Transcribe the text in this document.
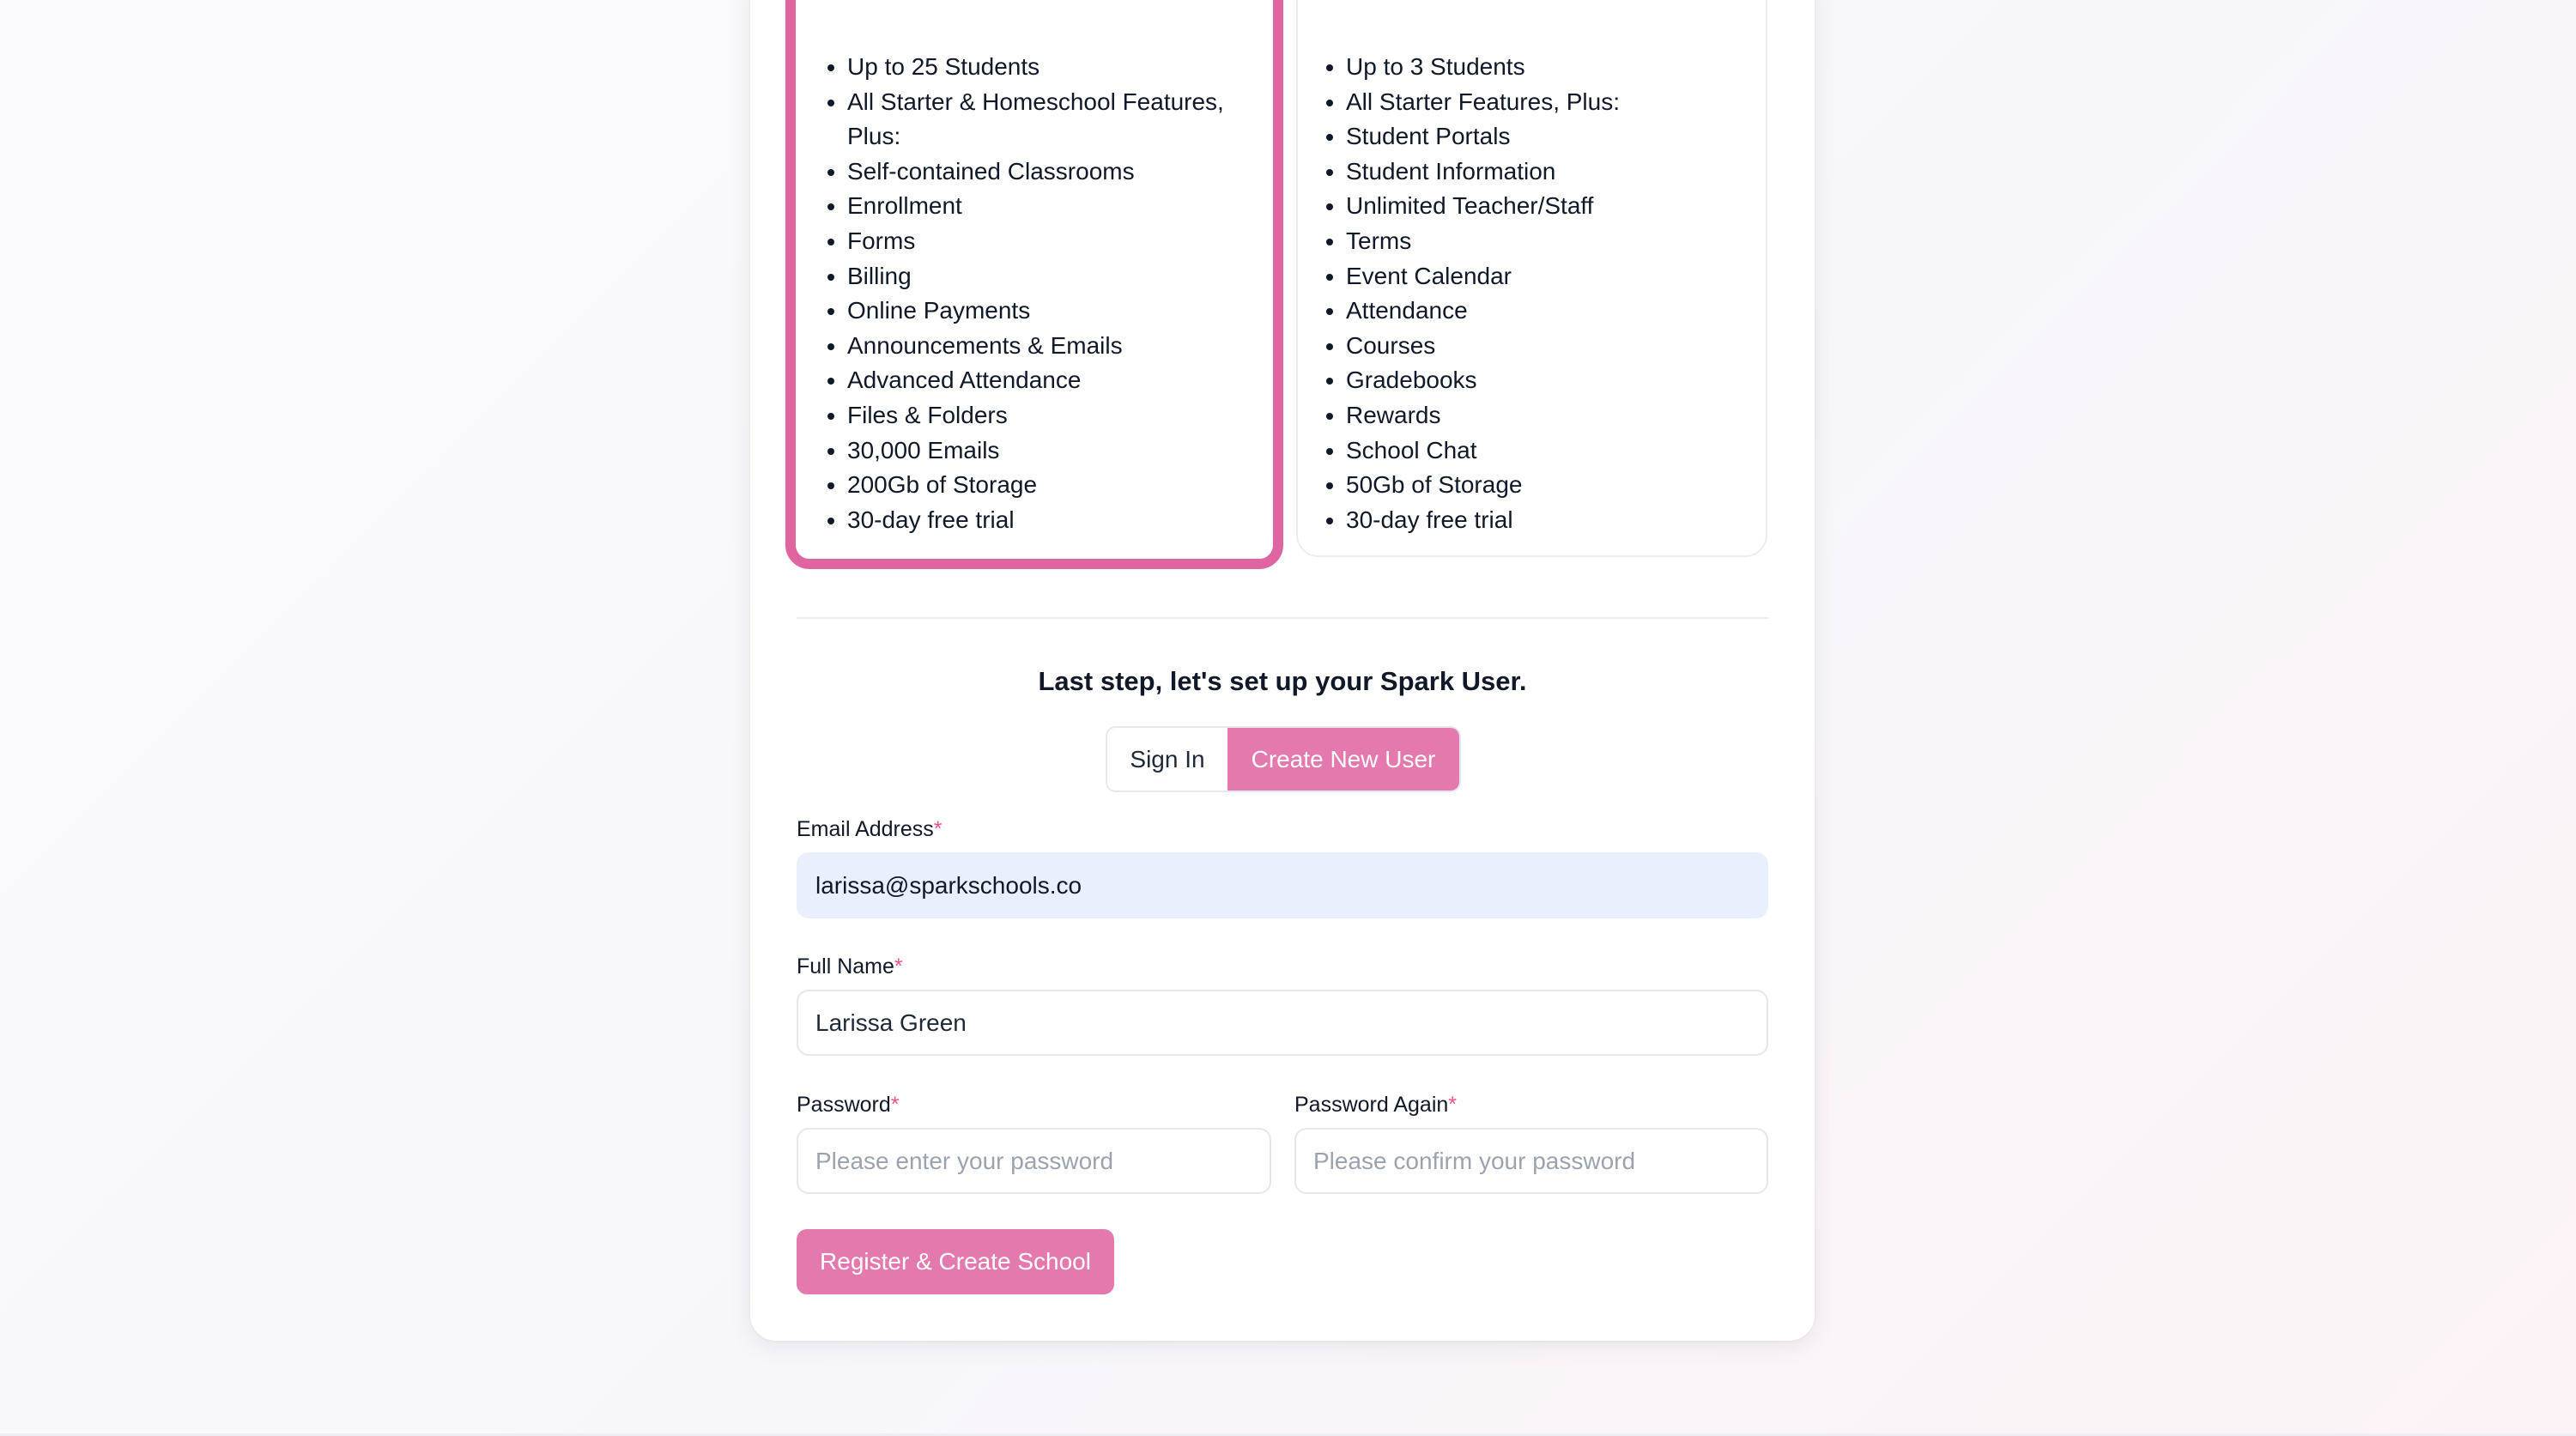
• Up to 25 Students
• All Starter & Homeschool Features, Plus:
• Self-contained Classrooms
• Enrollment
• Forms
• Billing
• Online Payments
• Announcements & Emails
• Advanced Attendance
• Files & Folders
• 30,000 Emails
• 200Gb of Storage
• 30-day free trial
• Up to 3 Students
• All Starter Features, Plus:
• Student Portals
• Student Information
• Unlimited Teacher/Staff
• Terms
• Event Calendar
• Attendance
• Courses
• Gradebooks
• Rewards
• School Chat
• 50Gb of Storage
• 30-day free trial
Last step, let's set up your Spark User.
Sign In	Create New User
Email Address*
larissa@sparkschools.co
Full Name*
Larissa Green
Password*
Please enter your password
Password Again*
Please confirm your password
Register & Create School
